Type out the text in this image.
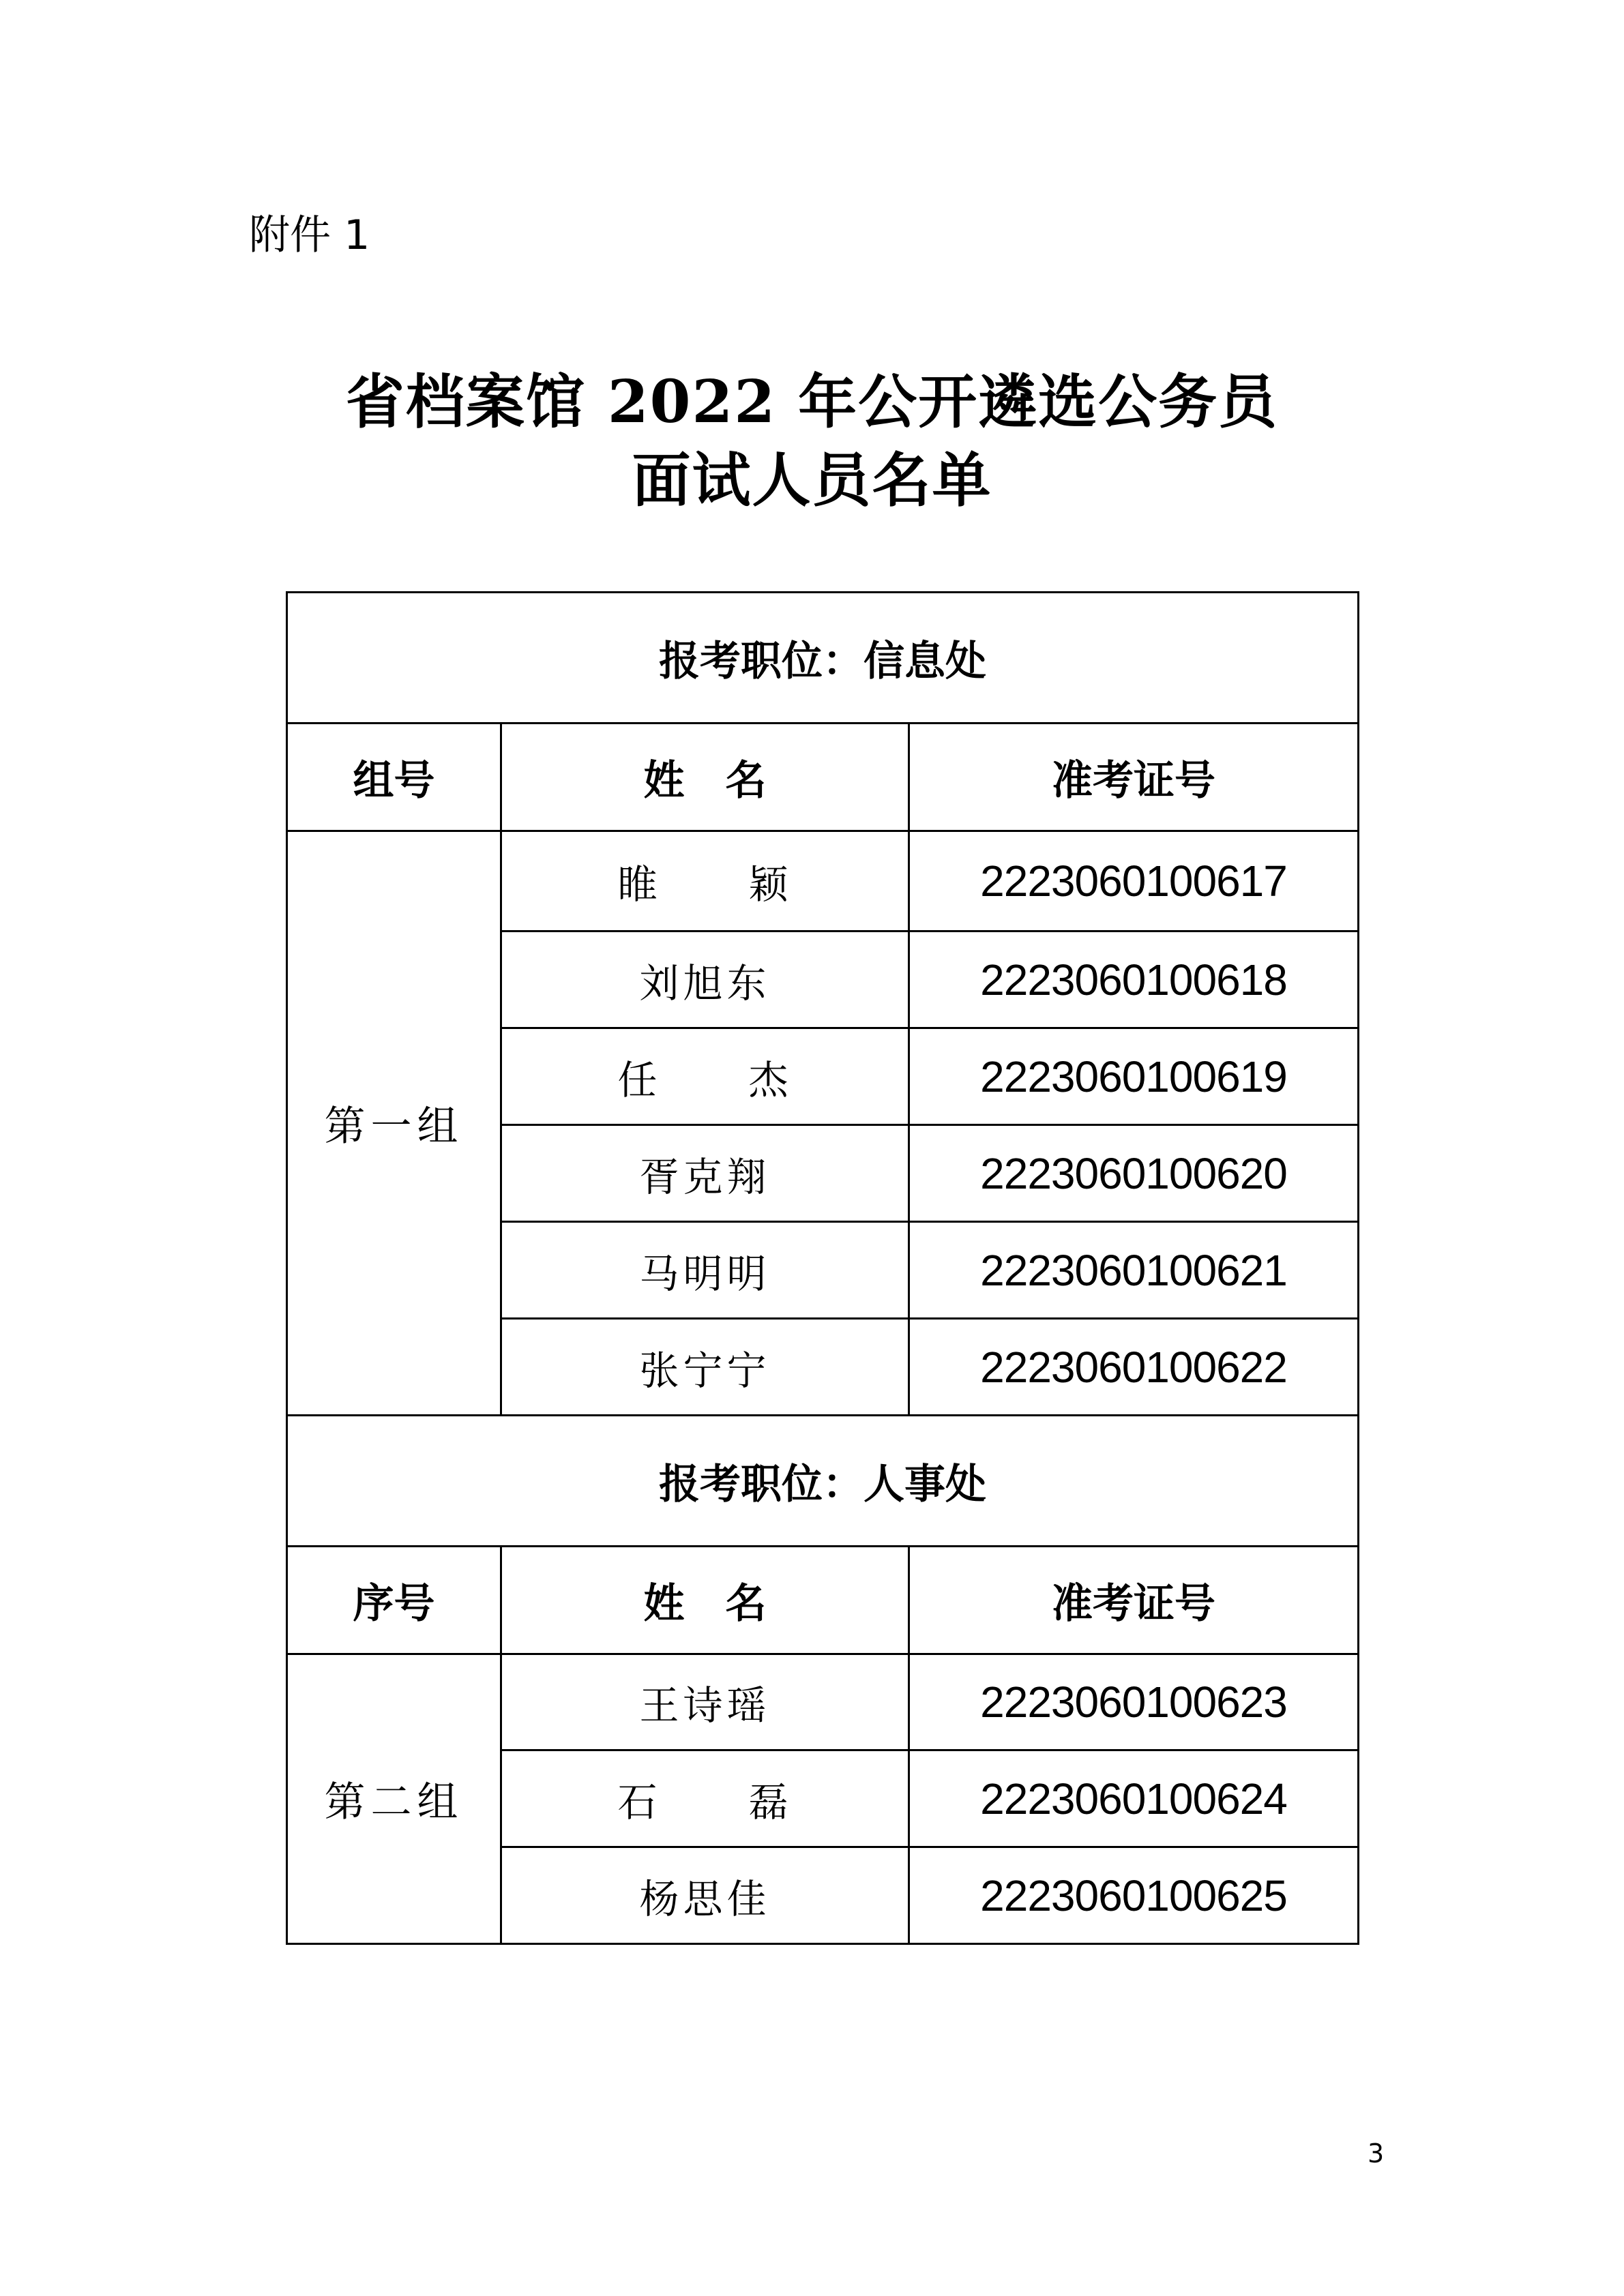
附件 1
省档案馆 2022 年公开遴选公务员
面试人员名单
报考职位：信息处		
组号	姓　名	准考证号
第一组	睢　　颖	2223060100617
	刘旭东	2223060100618
	任　　杰	2223060100619
	胥克翔	2223060100620
	马明明	2223060100621
	张宁宁	2223060100622
报考职位：人事处		
序号	姓　名	准考证号
第二组	王诗瑶	2223060100623
	石　　磊	2223060100624
	杨思佳	2223060100625
3
